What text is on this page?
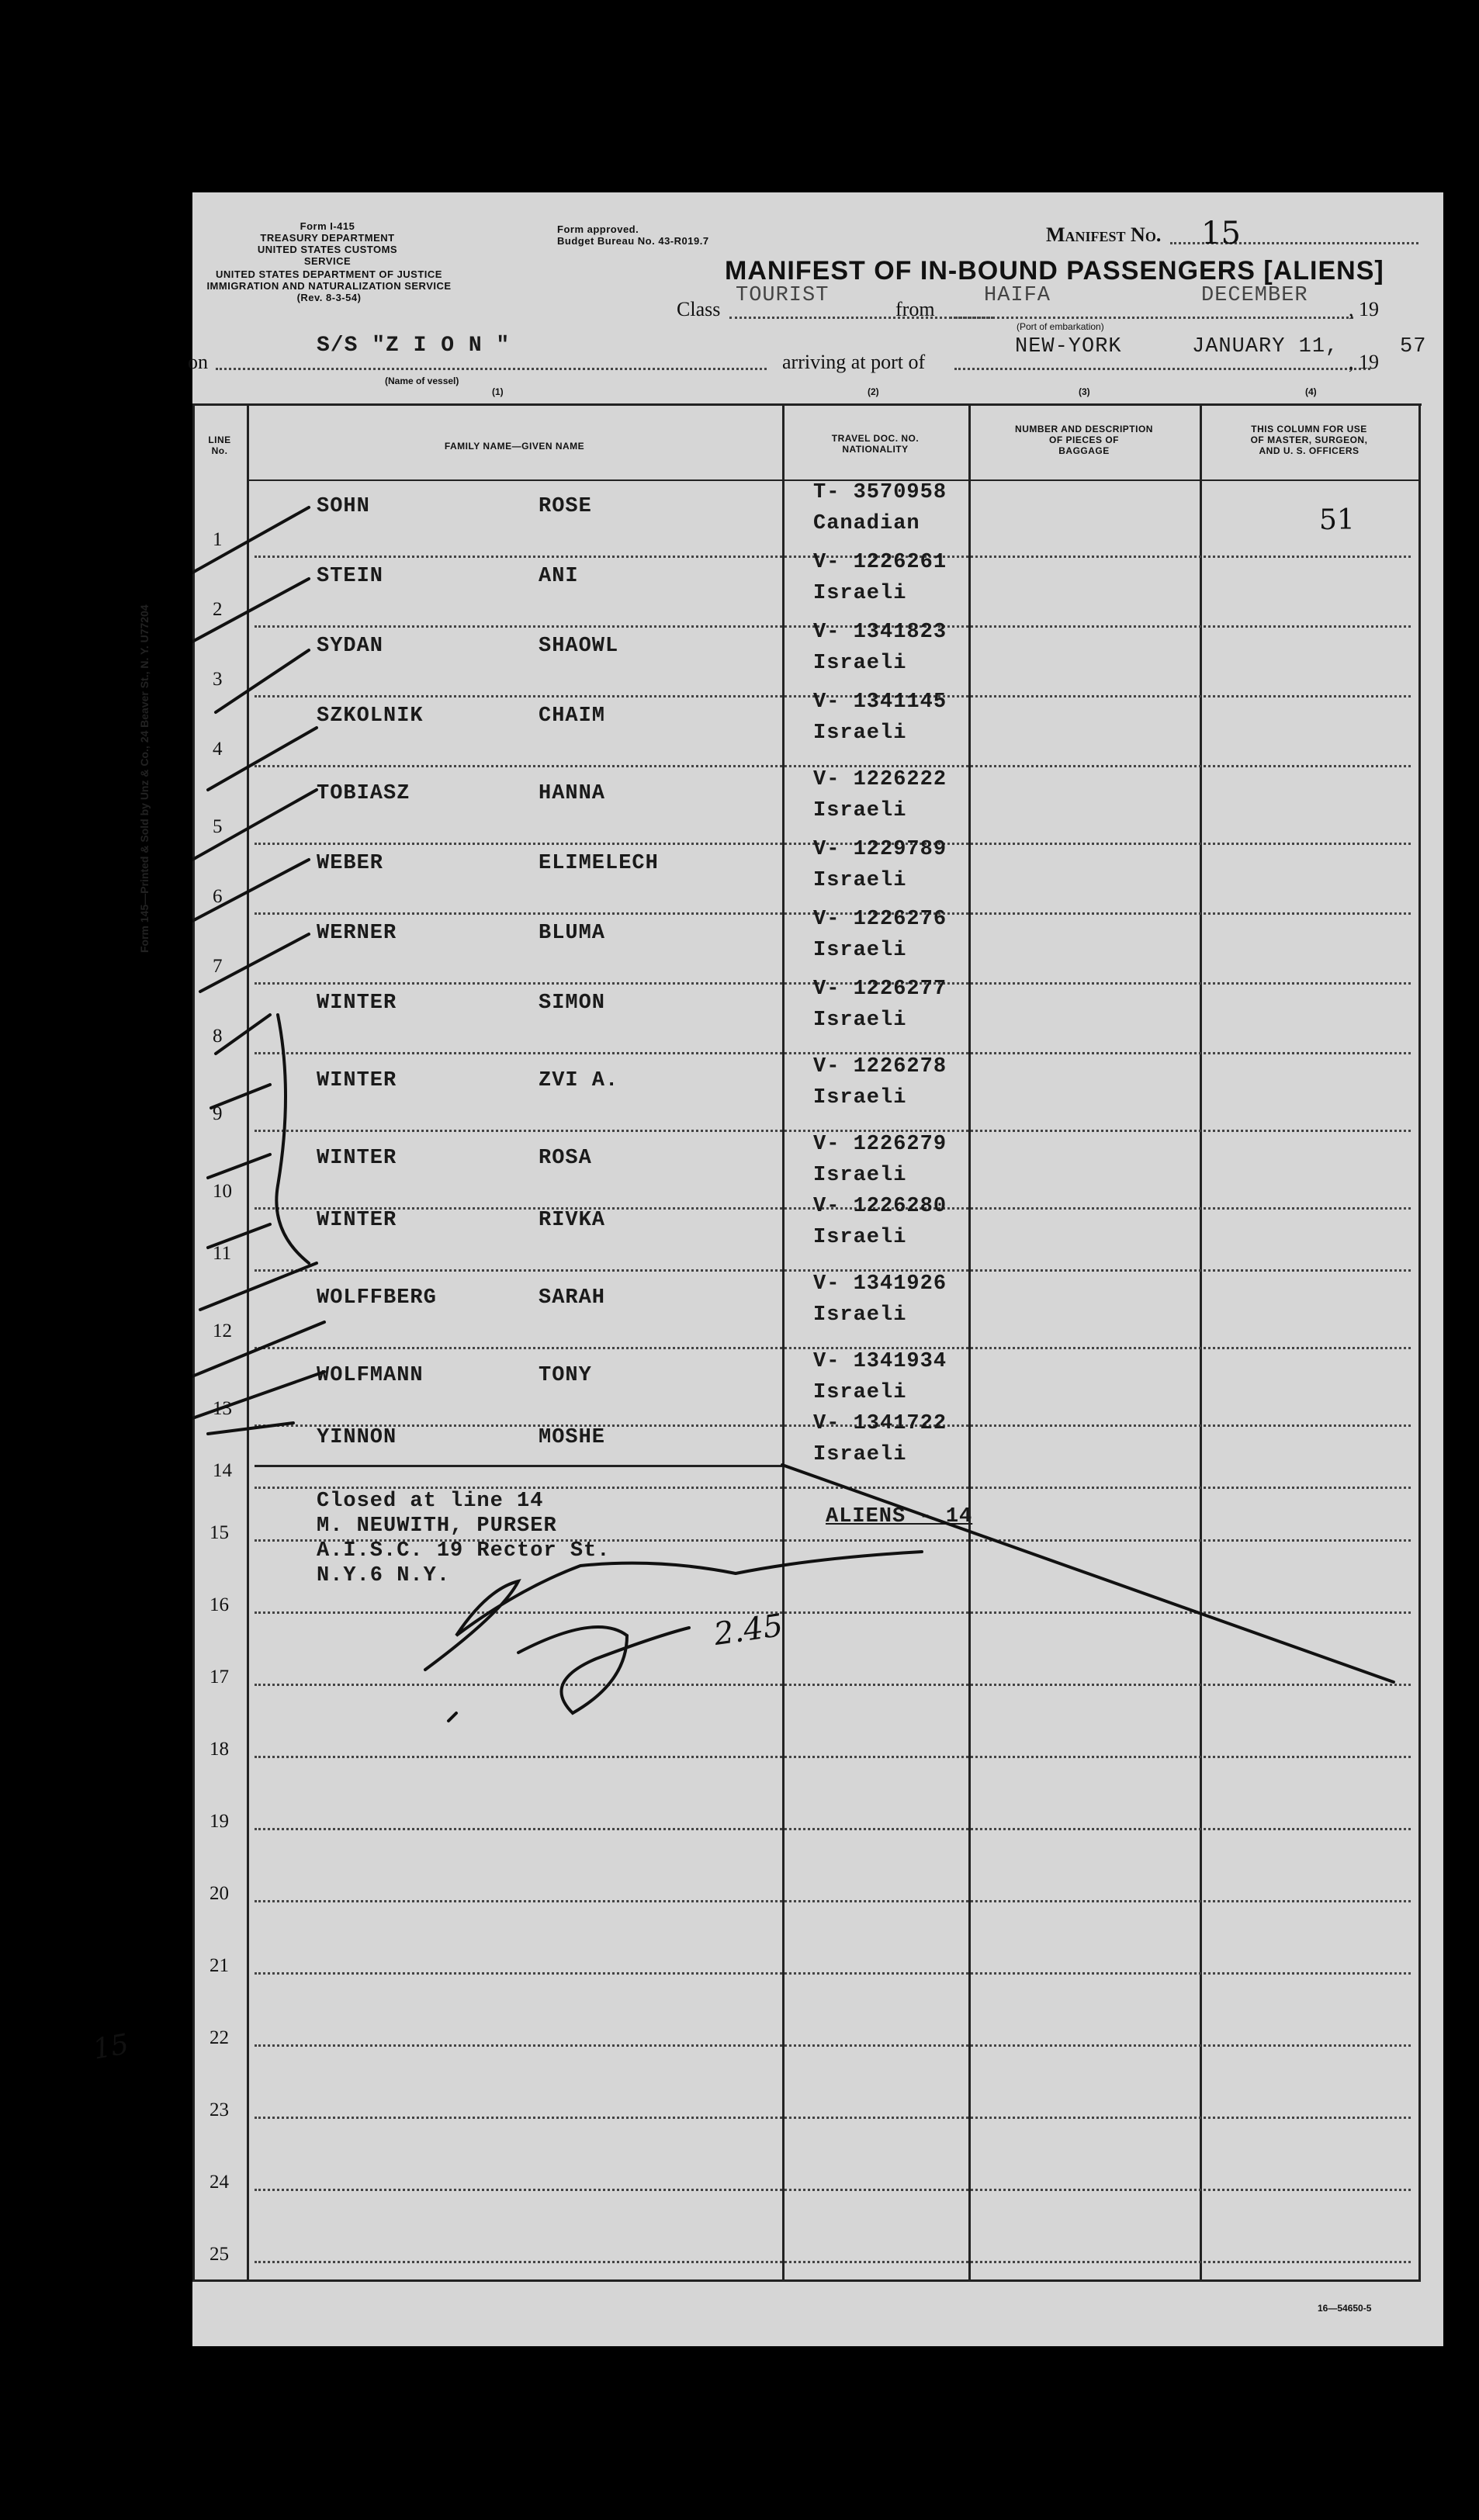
Form I-415
TREASURY DEPARTMENT
UNITED STATES CUSTOMS SERVICE
UNITED STATES DEPARTMENT OF JUSTICE
IMMIGRATION AND NATURALIZATION SERVICE
(Rev. 8-3-54)
Form approved.
Budget Bureau No. 43-R019.7	Manifest No. 15
MANIFEST OF IN-BOUND PASSENGERS [ALIENS]
Class
TOURIST
from
HAIFA	DECEMBER
, 19
(Port of embarkation)
on
S/S "Z I O N "
(Name of vessel)
arriving at port of
NEW-YORK	JANUARY 11,
, 19
57
(1)	(2)	(3)	(4)
LINE
No.	FAMILY NAME—GIVEN NAME
TRAVEL DOC. NO.
NATIONALITY
NUMBER AND DESCRIPTION
OF PIECES OF
BAGGAGE
THIS COLUMN FOR USE
OF MASTER, SURGEON,
AND U. S. OFFICERS
1
SOHN	ROSE
T- 3570958
Canadian
2
STEIN	ANI
V- 1226261
Israeli
3
SYDAN	SHAOWL
V- 1341823
Israeli
4
SZKOLNIK	CHAIM
V- 1341145
Israeli
5
TOBIASZ	HANNA
V- 1226222
Israeli
6
WEBER	ELIMELECH
V- 1229789
Israeli
7
WERNER	BLUMA
V- 1226276
Israeli
8
WINTER	SIMON
V- 1226277
Israeli
9
WINTER	ZVI A.
V- 1226278
Israeli
10
WINTER	ROSA
V- 1226279
Israeli
11
WINTER	RIVKA
V- 1226280
Israeli
12
WOLFFBERG	SARAH
V- 1341926
Israeli
13
WOLFMANN	TONY
V- 1341934
Israeli
14
YINNON	MOSHE
V- 1341722
Israeli
15
16
17
18
19
20
21
22
23
24
25
Closed at line 14
M. NEUWITH, PURSER
A.I.S.C. 19 Rector St.
N.Y.6 N.Y.
ALIENS - 14
51
15
2.45
Form 145—Printed & Sold by Unz & Co., 24 Beaver St., N. Y. U77204
16—54650-5
